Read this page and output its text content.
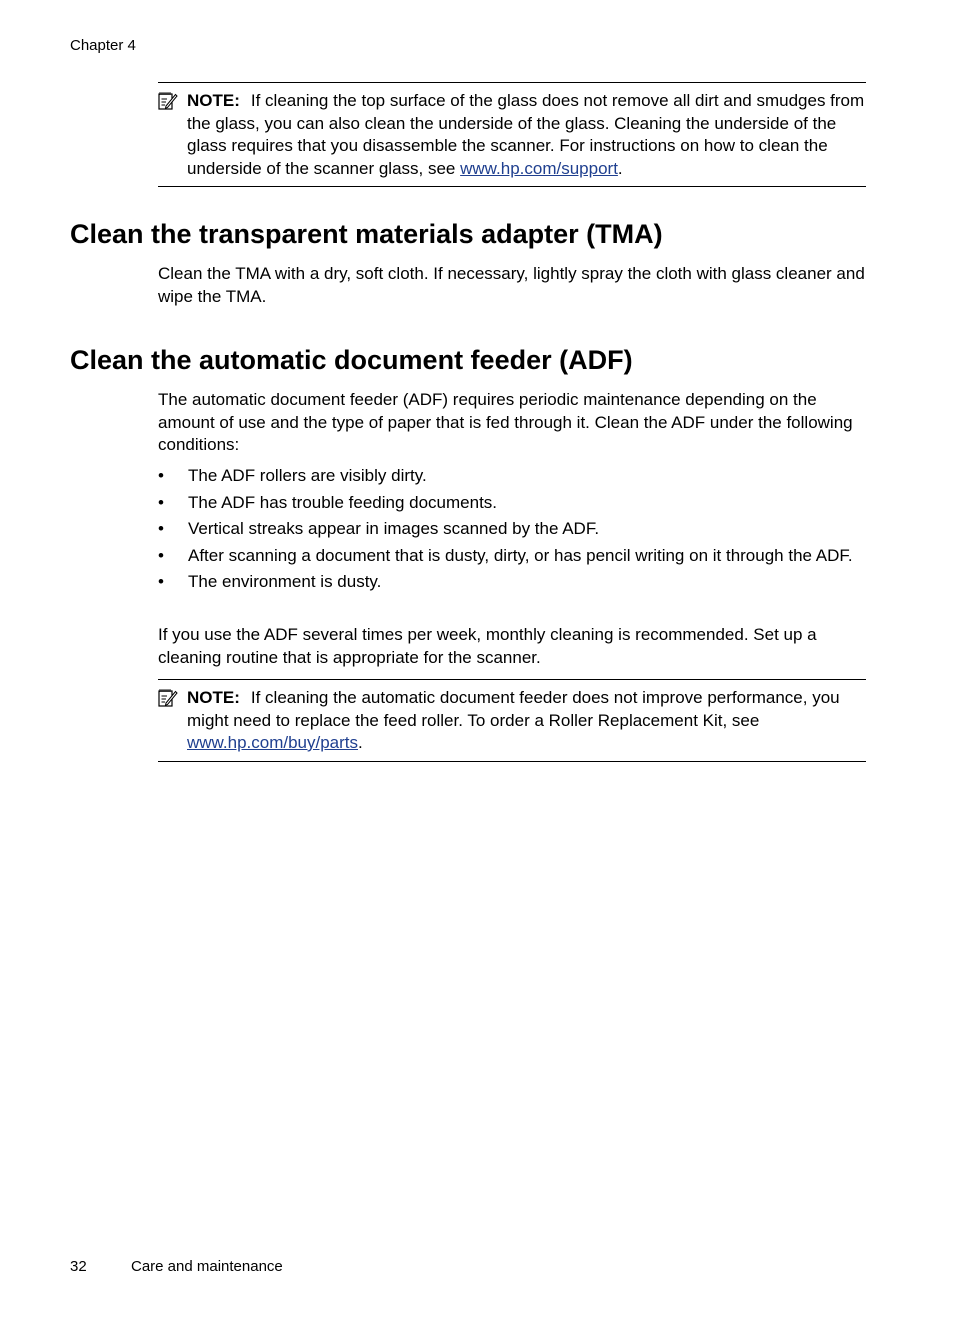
Chapter 4
NOTE: If cleaning the top surface of the glass does not remove all dirt and smudges from the glass, you can also clean the underside of the glass. Cleaning the underside of the glass requires that you disassemble the scanner. For instructions on how to clean the underside of the scanner glass, see www.hp.com/support.
Clean the transparent materials adapter (TMA)

Clean the TMA with a dry, soft cloth. If necessary, lightly spray the cloth with glass cleaner and wipe the TMA.

Clean the automatic document feeder (ADF)

The automatic document feeder (ADF) requires periodic maintenance depending on the amount of use and the type of paper that is fed through it. Clean the ADF under the following conditions:

• The ADF rollers are visibly dirty.
• The ADF has trouble feeding documents.
• Vertical streaks appear in images scanned by the ADF.
• After scanning a document that is dusty, dirty, or has pencil writing on it through the ADF.
• The environment is dusty.

If you use the ADF several times per week, monthly cleaning is recommended. Set up a cleaning routine that is appropriate for the scanner.

NOTE: If cleaning the automatic document feeder does not improve performance, you might need to replace the feed roller. To order a Roller Replacement Kit, see www.hp.com/buy/parts.
32	Care and maintenance
